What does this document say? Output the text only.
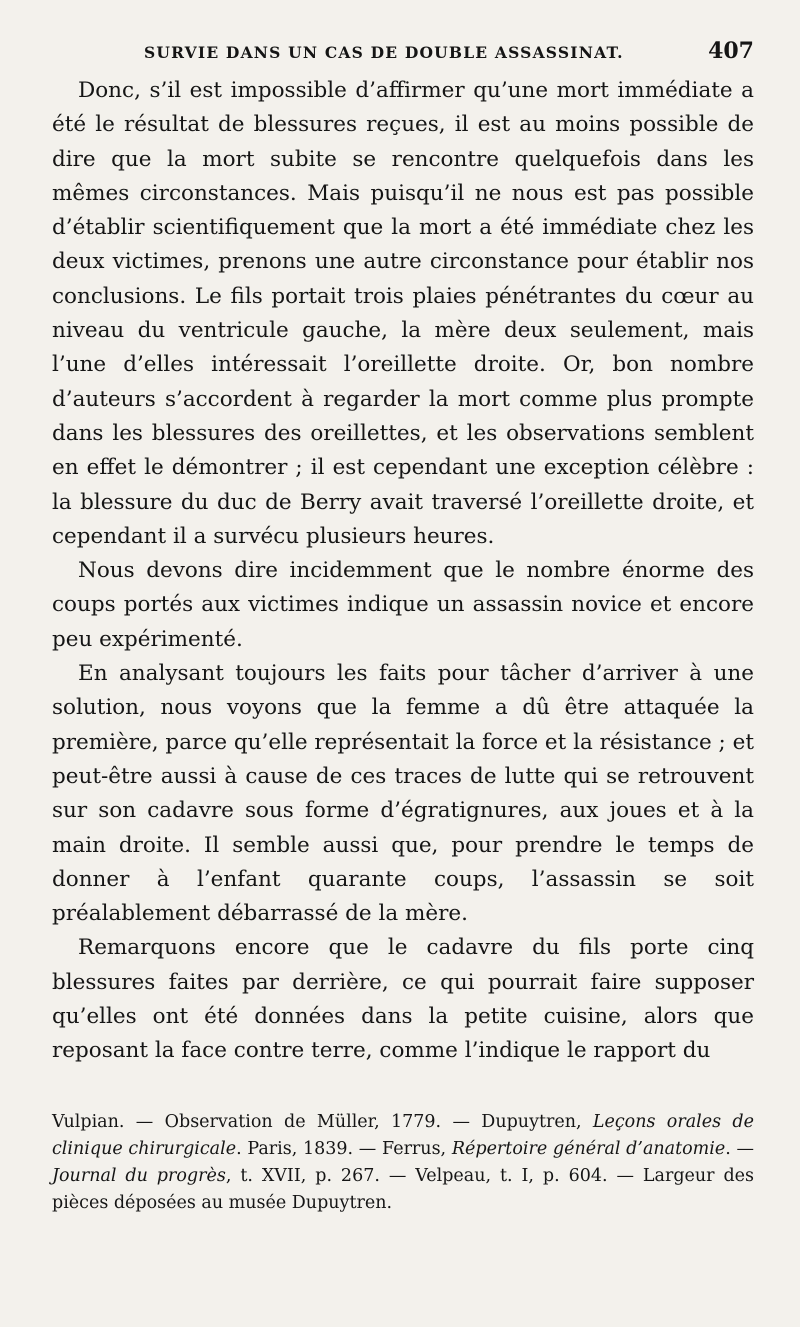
SURVIE DANS UN CAS DE DOUBLE ASSASSINAT.	407

Donc, s’il est impossible d’affirmer qu’une mort immédiate a été le résultat de blessures reçues, il est au moins possible de dire que la mort subite se rencontre quelquefois dans les mêmes circonstances. Mais puisqu’il ne nous est pas possible d’établir scientifiquement que la mort a été immédiate chez les deux victimes, prenons une autre circonstance pour établir nos conclusions. Le fils portait trois plaies pénétrantes du cœur au niveau du ventricule gauche, la mère deux seulement, mais l’une d’elles intéressait l’oreillette droite. Or, bon nombre d’auteurs s’accordent à regarder la mort comme plus prompte dans les blessures des oreillettes, et les observations semblent en effet le démontrer ; il est cependant une exception célèbre : la blessure du duc de Berry avait traversé l’oreillette droite, et cependant il a survécu plusieurs heures.

Nous devons dire incidemment que le nombre énorme des coups portés aux victimes indique un assassin novice et encore peu expérimenté.

En analysant toujours les faits pour tâcher d’arriver à une solution, nous voyons que la femme a dû être attaquée la première, parce qu’elle représentait la force et la résistance ; et peut-être aussi à cause de ces traces de lutte qui se retrouvent sur son cadavre sous forme d’égratignures, aux joues et à la main droite. Il semble aussi que, pour prendre le temps de donner à l’enfant quarante coups, l’assassin se soit préalablement débarrassé de la mère.

Remarquons encore que le cadavre du fils porte cinq blessures faites par derrière, ce qui pourrait faire supposer qu’elles ont été données dans la petite cuisine, alors que reposant la face contre terre, comme l’indique le rapport du

Vulpian. — Observation de Müller, 1779. — Dupuytren, Leçons orales de clinique chirurgicale. Paris, 1839. — Ferrus, Répertoire général d’anatomie. — Journal du progrès, t. XVII, p. 267. — Velpeau, t. I, p. 604. — Largeur des pièces déposées au musée Dupuytren.
